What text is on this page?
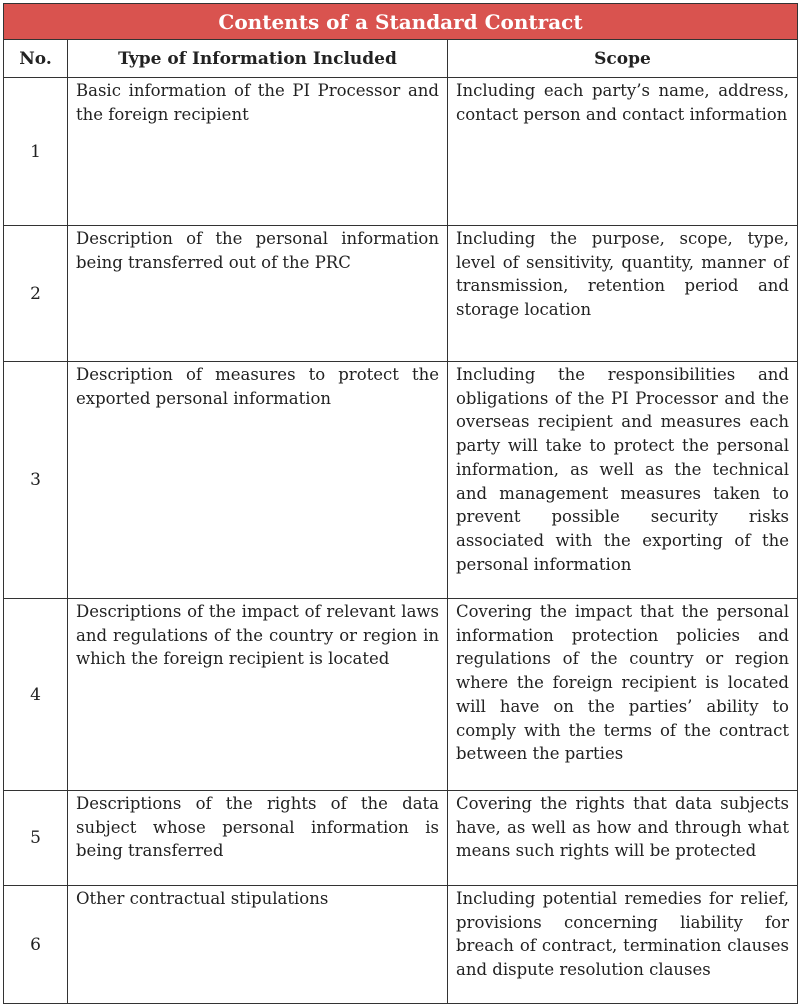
Contents of a Standard Contract		
No.	Type of Information Included	Scope
1	Basic information of the PI Processor and the foreign recipient	Including each party’s name, address, contact person and contact information
2	Description of the personal information being transferred out of the PRC	Including the purpose, scope, type, level of sensitivity, quantity, manner of transmission, retention period and storage location
3	Description of measures to protect the exported personal information	Including the responsibilities and obligations of the PI Processor and the overseas recipient and measures each party will take to protect the personal information, as well as the technical and management measures taken to prevent possible security risks associated with the exporting of the personal information
4	Descriptions of the impact of relevant laws and regulations of the country or region in which the foreign recipient is located	Covering the impact that the personal information protection policies and regulations of the country or region where the foreign recipient is located will have on the parties’ ability to comply with the terms of the contract between the parties
5	Descriptions of the rights of the data subject whose personal information is being transferred	Covering the rights that data subjects have, as well as how and through what means such rights will be protected
6	Other contractual stipulations	Including potential remedies for relief, provisions concerning liability for breach of contract, termination clauses and dispute resolution clauses
